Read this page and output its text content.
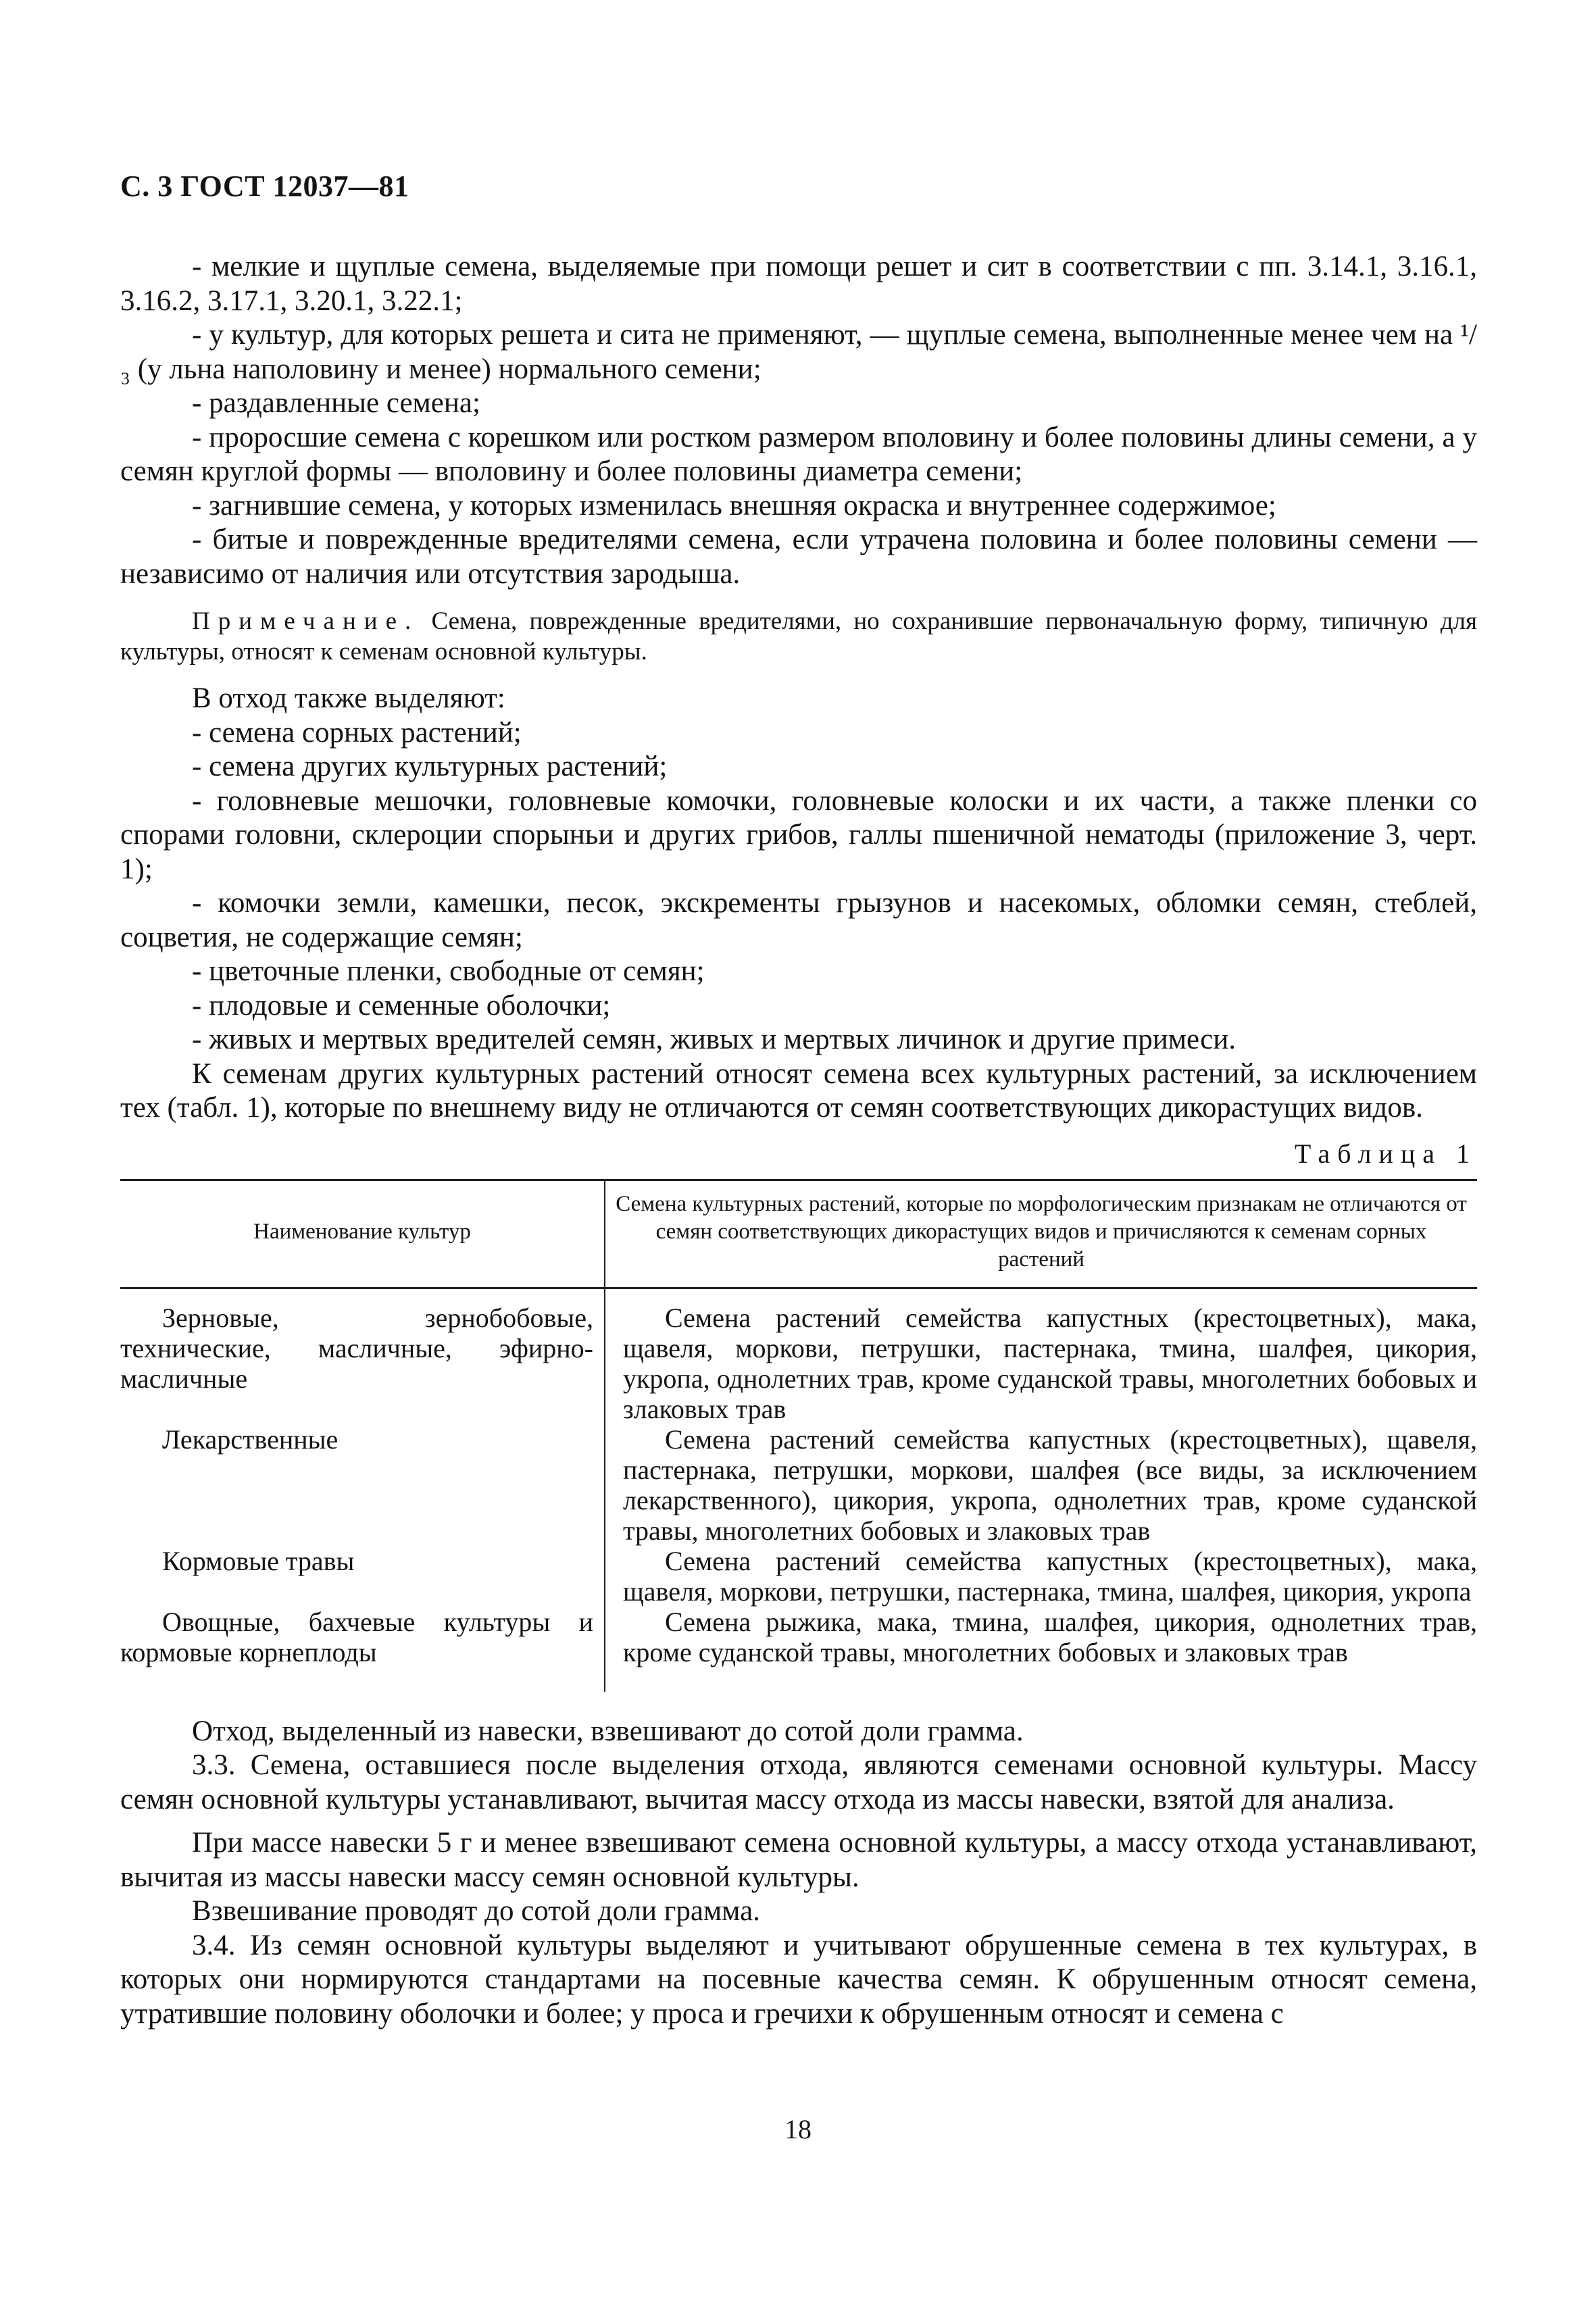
С. 3 ГОСТ 12037—81

- мелкие и щуплые семена, выделяемые при помощи решет и сит в соответствии с пп. 3.14.1, 3.16.1, 3.16.2, 3.17.1, 3.20.1, 3.22.1;

- у культур, для которых решета и сита не применяют, — щуплые семена, выполненные менее чем на ¹/₃ (у льна наполовину и менее) нормального семени;

- раздавленные семена;

- проросшие семена с корешком или ростком размером вполовину и более половины длины семени, а у семян круглой формы — вполовину и более половины диаметра семени;

- загнившие семена, у которых изменилась внешняя окраска и внутреннее содержимое;

- битые и поврежденные вредителями семена, если утрачена половина и более половины семени — независимо от наличия или отсутствия зародыша.

Примечание. Семена, поврежденные вредителями, но сохранившие первоначальную форму, типичную для культуры, относят к семенам основной культуры.

В отход также выделяют:

- семена сорных растений;

- семена других культурных растений;

- головневые мешочки, головневые комочки, головневые колоски и их части, а также пленки со спорами головни, склероции спорыньи и других грибов, галлы пшеничной нематоды (приложение 3, черт. 1);

- комочки земли, камешки, песок, экскременты грызунов и насекомых, обломки семян, стеблей, соцветия, не содержащие семян;

- цветочные пленки, свободные от семян;

- плодовые и семенные оболочки;

- живых и мертвых вредителей семян, живых и мертвых личинок и другие примеси.

К семенам других культурных растений относят семена всех культурных растений, за исключением тех (табл. 1), которые по внешнему виду не отличаются от семян соответствующих дикорастущих видов.

Таблица 1
Наименование культур	Семена культурных растений, которые по морфологическим признакам не отличаются от семян соответствующих дикорастущих видов и причисляются к семенам сорных растений

Зерновые, зернобобовые, технические, масличные, эфирно-масличные	Семена растений семейства капустных (крестоцветных), мака, щавеля, моркови, петрушки, пастернака, тмина, шалфея, цикория, укропа, однолетних трав, кроме суданской травы, многолетних бобовых и злаковых трав

Лекарственные	Семена растений семейства капустных (крестоцветных), щавеля, пастернака, петрушки, моркови, шалфея (все виды, за исключением лекарственного), цикория, укропа, однолетних трав, кроме суданской травы, многолетних бобовых и злаковых трав

Кормовые травы	Семена растений семейства капустных (крестоцветных), мака, щавеля, моркови, петрушки, пастернака, тмина, шалфея, цикория, укропа

Овощные, бахчевые культуры и кормовые корнеплоды	Семена рыжика, мака, тмина, шалфея, цикория, однолетних трав, кроме суданской травы, многолетних бобовых и злаковых трав

Отход, выделенный из навески, взвешивают до сотой доли грамма.

3.3. Семена, оставшиеся после выделения отхода, являются семенами основной культуры. Массу семян основной культуры устанавливают, вычитая массу отхода из массы навески, взятой для анализа.

При массе навески 5 г и менее взвешивают семена основной культуры, а массу отхода устанавливают, вычитая из массы навески массу семян основной культуры.

Взвешивание проводят до сотой доли грамма.

3.4. Из семян основной культуры выделяют и учитывают обрушенные семена в тех культурах, в которых они нормируются стандартами на посевные качества семян. К обрушенным относят семена, утратившие половину оболочки и более; у проса и гречихи к обрушенным относят и семена с

18
